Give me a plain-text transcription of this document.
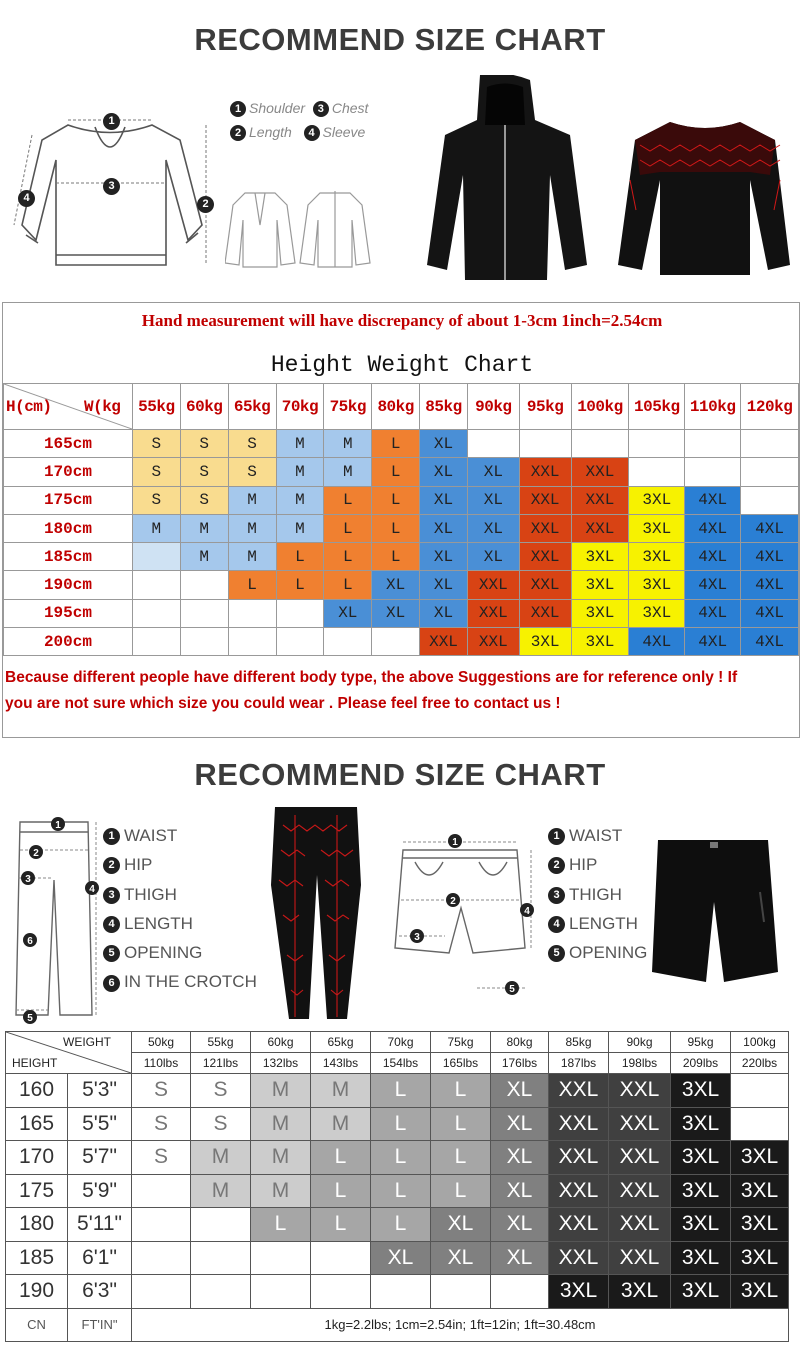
RECOMMEND SIZE CHART
1
3
4	2
1 Shoulder 3 Chest
2 Length 4 Sleeve
Hand measurement will have discrepancy of about 1-3cm 1inch=2.54cm
Height Weight Chart
H(cm) W(kg	55kg	60kg	65kg	70kg	75kg	80kg	85kg	90kg	95kg	100kg	105kg	110kg	120kg
165cm	S	S	S	M	M	L	XL						
170cm	S	S	S	M	M	L	XL	XL	XXL	XXL			
175cm	S	S	M	M	L	L	XL	XL	XXL	XXL	3XL	4XL	
180cm	M	M	M	M	L	L	XL	XL	XXL	XXL	3XL	4XL	4XL
185cm		M	M	L	L	L	XL	XL	XXL	3XL	3XL	4XL	4XL
190cm			L	L	L	XL	XL	XXL	XXL	3XL	3XL	4XL	4XL
195cm					XL	XL	XL	XXL	XXL	3XL	3XL	4XL	4XL
200cm							XXL	XXL	3XL	3XL	4XL	4XL	4XL
Because different people have different body type, the above Suggestions are for reference only ! If
you are not sure which size you could wear . Please feel free to contact us !
RECOMMEND SIZE CHART
1
2
3
4
6
5
1 WAIST
2 HIP
3 THIGH
4 LENGTH
5 OPENING
6 IN THE CROTCH
1
2
3
4
5
1 WAIST
2 HIP
3 THIGH
4 LENGTH
5 OPENING
WEIGHT
HEIGHT		50kg	55kg	60kg	65kg	70kg	75kg	80kg	85kg	90kg	95kg	100kg
		110lbs	121lbs	132lbs	143lbs	154lbs	165lbs	176lbs	187lbs	198lbs	209lbs	220lbs
160	5'3"	S	S	M	M	L	L	XL	XXL	XXL	3XL	
165	5'5"	S	S	M	M	L	L	XL	XXL	XXL	3XL	
170	5'7"	S	M	M	L	L	L	XL	XXL	XXL	3XL	3XL
175	5'9"		M	M	L	L	L	XL	XXL	XXL	3XL	3XL
180	5'11"			L	L	L	XL	XL	XXL	XXL	3XL	3XL
185	6'1"					XL	XL	XL	XXL	XXL	3XL	3XL
190	6'3"								3XL	3XL	3XL	3XL
CN	FT'IN"	1kg=2.2lbs; 1cm=2.54in; 1ft=12in; 1ft=30.48cm										
